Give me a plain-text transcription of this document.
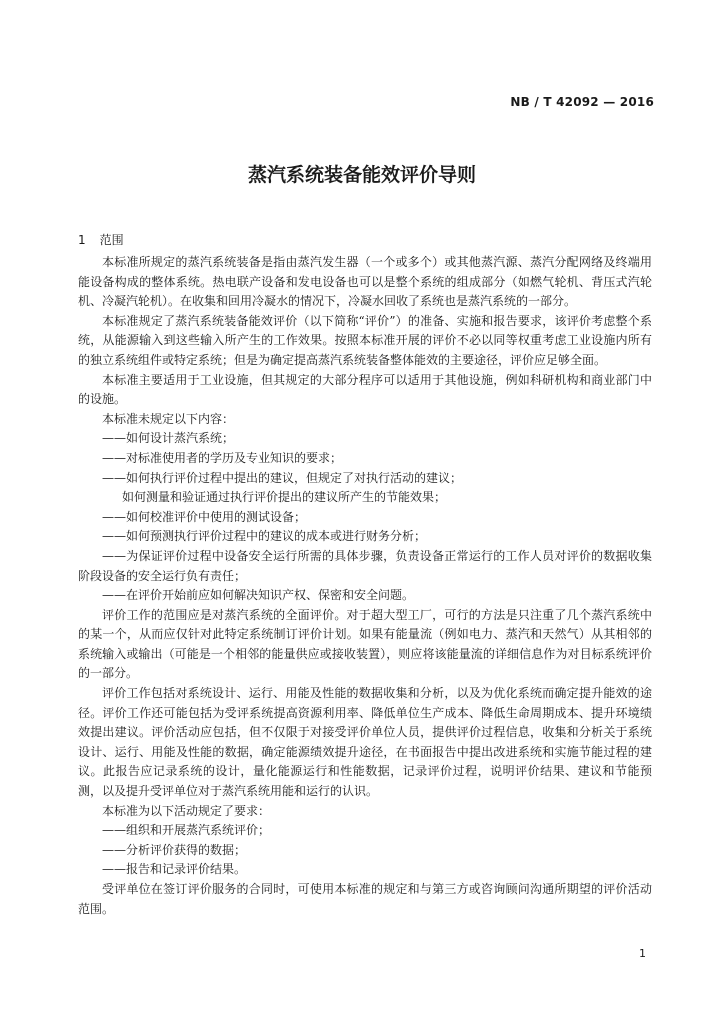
NB / T 42092 — 2016
蒸汽系统装备能效评价导则
1 范围

本标准所规定的蒸汽系统装备是指由蒸汽发生器（一个或多个）或其他蒸汽源、蒸汽分配网络及终端用能设备构成的整体系统。热电联产设备和发电设备也可以是整个系统的组成部分（如燃气轮机、背压式汽轮机、冷凝汽轮机）。在收集和回用冷凝水的情况下，冷凝水回收了系统也是蒸汽系统的一部分。

本标准规定了蒸汽系统装备能效评价（以下简称“评价”）的准备、实施和报告要求，该评价考虑整个系统，从能源输入到这些输入所产生的工作效果。按照本标准开展的评价不必以同等权重考虑工业设施内所有的独立系统组件或特定系统；但是为确定提高蒸汽系统装备整体能效的主要途径，评价应足够全面。

本标准主要适用于工业设施，但其规定的大部分程序可以适用于其他设施，例如科研机构和商业部门中的设施。

本标准未规定以下内容：

——如何设计蒸汽系统；

——对标准使用者的学历及专业知识的要求；

——如何执行评价过程中提出的建议，但规定了对执行活动的建议；

如何测量和验证通过执行评价提出的建议所产生的节能效果；

——如何校准评价中使用的测试设备；

——如何预测执行评价过程中的建议的成本或进行财务分析；

——为保证评价过程中设备安全运行所需的具体步骤，负责设备正常运行的工作人员对评价的数据收集阶段设备的安全运行负有责任；

——在评价开始前应如何解决知识产权、保密和安全问题。

评价工作的范围应是对蒸汽系统的全面评价。对于超大型工厂，可行的方法是只注重了几个蒸汽系统中的某一个，从而应仅针对此特定系统制订评价计划。如果有能量流（例如电力、蒸汽和天然气）从其相邻的系统输入或输出（可能是一个相邻的能量供应或接收装置），则应将该能量流的详细信息作为对目标系统评价的一部分。

评价工作包括对系统设计、运行、用能及性能的数据收集和分析，以及为优化系统而确定提升能效的途径。评价工作还可能包括为受评系统提高资源利用率、降低单位生产成本、降低生命周期成本、提升环境绩效提出建议。评价活动应包括，但不仅限于对接受评价单位人员，提供评价过程信息，收集和分析关于系统设计、运行、用能及性能的数据，确定能源绩效提升途径，在书面报告中提出改进系统和实施节能过程的建议。此报告应记录系统的设计，量化能源运行和性能数据，记录评价过程，说明评价结果、建议和节能预测，以及提升受评单位对于蒸汽系统用能和运行的认识。

本标准为以下活动规定了要求：

——组织和开展蒸汽系统评价；

——分析评价获得的数据；

——报告和记录评价结果。

受评单位在签订评价服务的合同时，可使用本标准的规定和与第三方或咨询顾问沟通所期望的评价活动范围。

1
